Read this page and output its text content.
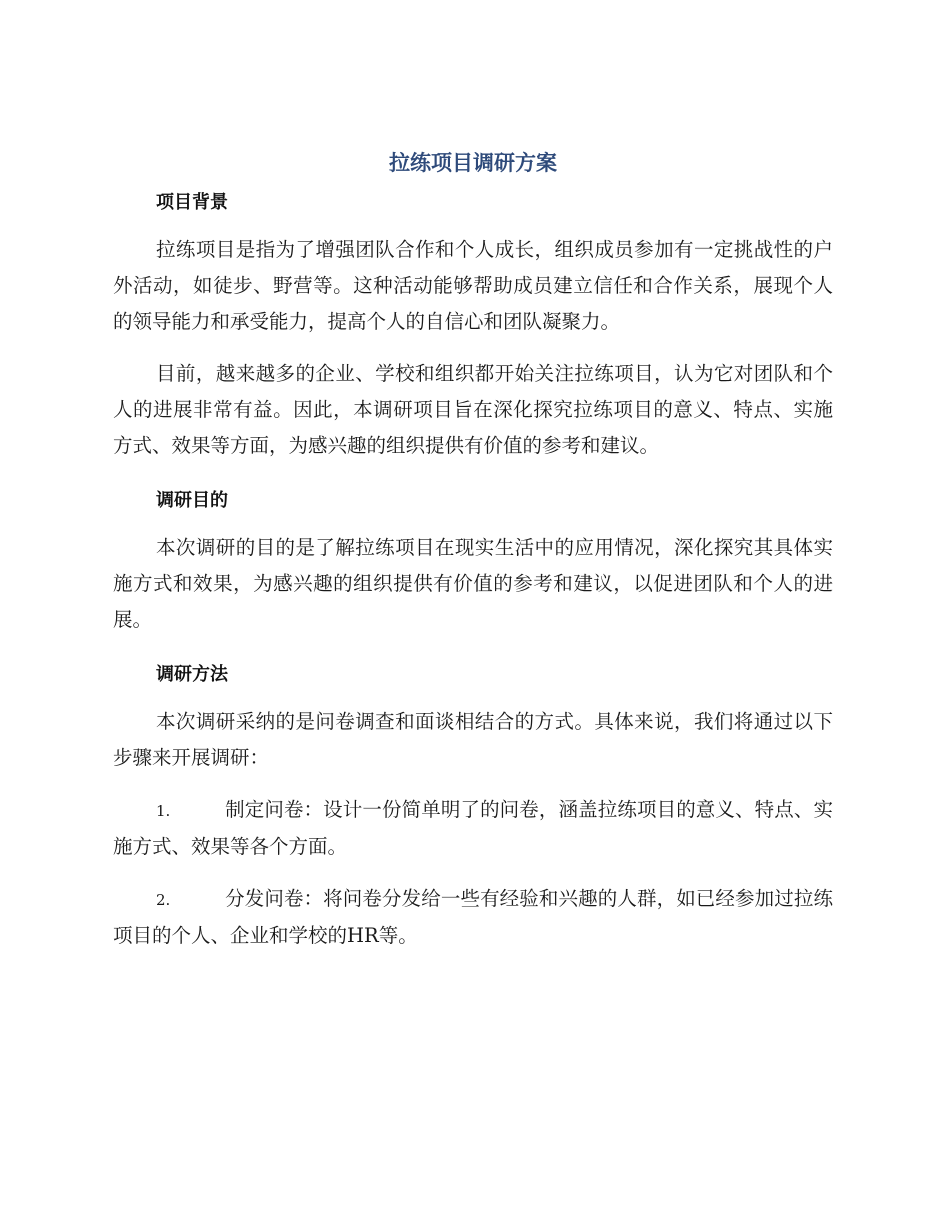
拉练项目调研方案
项目背景

拉练项目是指为了增强团队合作和个人成长，组织成员参加有一定挑战性的户外活动，如徒步、野营等。这种活动能够帮助成员建立信任和合作关系，展现个人的领导能力和承受能力，提高个人的自信心和团队凝聚力。

目前，越来越多的企业、学校和组织都开始关注拉练项目，认为它对团队和个人的进展非常有益。因此，本调研项目旨在深化探究拉练项目的意义、特点、实施方式、效果等方面，为感兴趣的组织提供有价值的参考和建议。

调研目的

本次调研的目的是了解拉练项目在现实生活中的应用情况，深化探究其具体实施方式和效果，为感兴趣的组织提供有价值的参考和建议，以促进团队和个人的进展。

调研方法

本次调研采纳的是问卷调查和面谈相结合的方式。具体来说，我们将通过以下步骤来开展调研：

1.	制定问卷：设计一份简单明了的问卷，涵盖拉练项目的意义、特点、实施方式、效果等各个方面。

2.	分发问卷：将问卷分发给一些有经验和兴趣的人群，如已经参加过拉练项目的个人、企业和学校的HR等。
